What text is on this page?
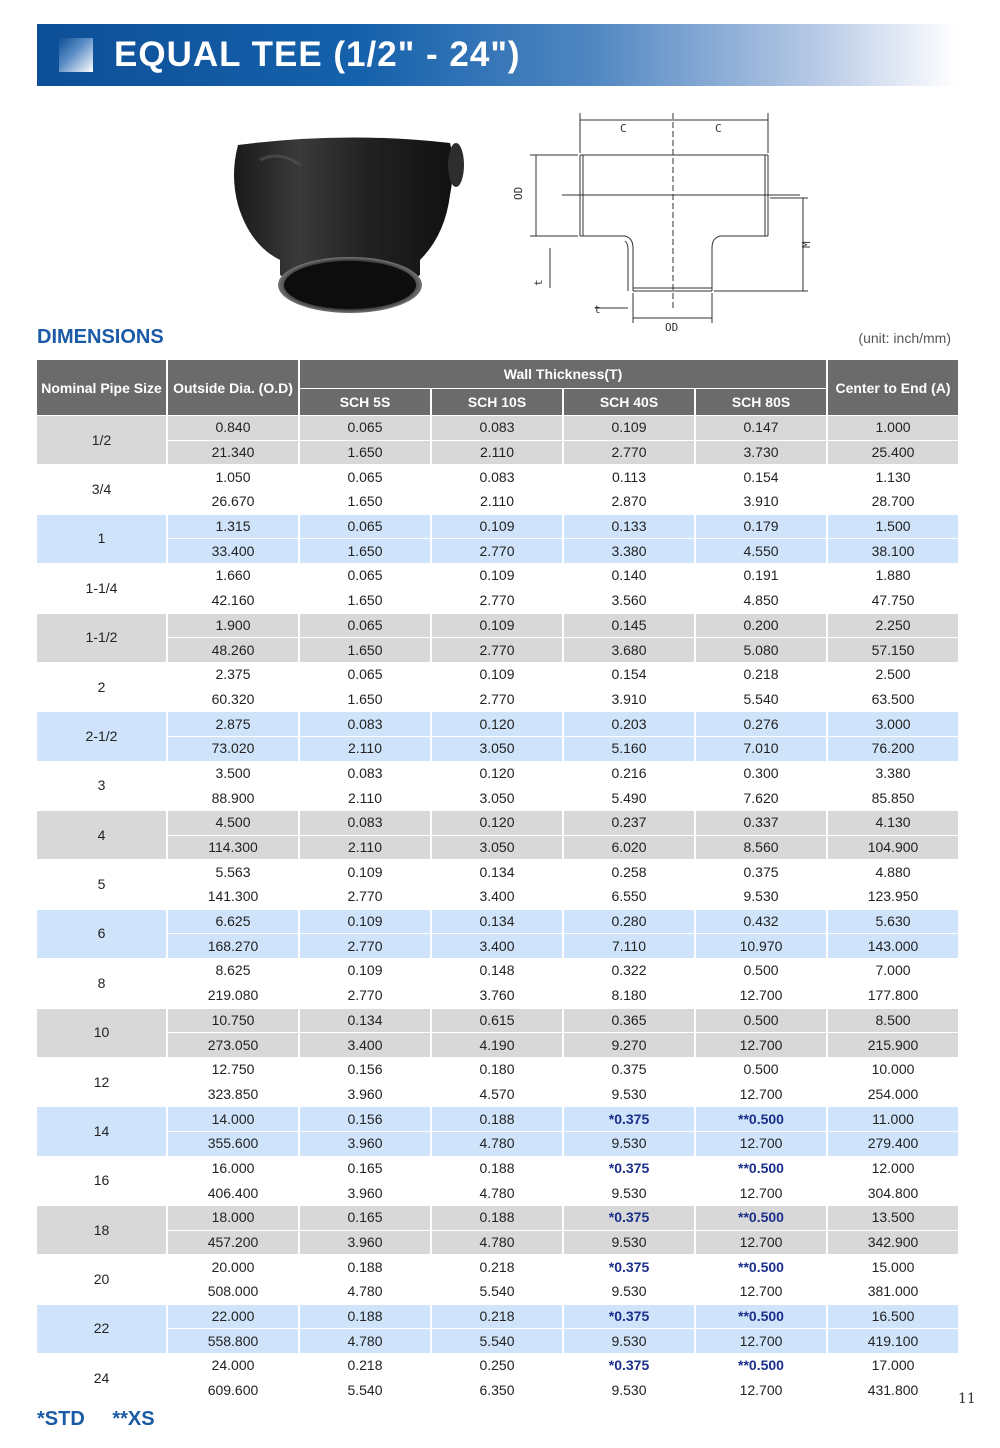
EQUAL TEE (1/2" - 24")
C	C
OD
t
M
t
OD
DIMENSIONS	(unit: inch/mm)
Nominal Pipe Size	Outside Dia. (O.D)	Wall Thickness(T)				Center to End (A)
		SCH 5S	SCH 10S	SCH 40S	SCH 80S	
1/2	0.840	0.065	0.083	0.109	0.147	1.000
	21.340	1.650	2.110	2.770	3.730	25.400
3/4	1.050	0.065	0.083	0.113	0.154	1.130
	26.670	1.650	2.110	2.870	3.910	28.700
1	1.315	0.065	0.109	0.133	0.179	1.500
	33.400	1.650	2.770	3.380	4.550	38.100
1-1/4	1.660	0.065	0.109	0.140	0.191	1.880
	42.160	1.650	2.770	3.560	4.850	47.750
1-1/2	1.900	0.065	0.109	0.145	0.200	2.250
	48.260	1.650	2.770	3.680	5.080	57.150
2	2.375	0.065	0.109	0.154	0.218	2.500
	60.320	1.650	2.770	3.910	5.540	63.500
2-1/2	2.875	0.083	0.120	0.203	0.276	3.000
	73.020	2.110	3.050	5.160	7.010	76.200
3	3.500	0.083	0.120	0.216	0.300	3.380
	88.900	2.110	3.050	5.490	7.620	85.850
4	4.500	0.083	0.120	0.237	0.337	4.130
	114.300	2.110	3.050	6.020	8.560	104.900
5	5.563	0.109	0.134	0.258	0.375	4.880
	141.300	2.770	3.400	6.550	9.530	123.950
6	6.625	0.109	0.134	0.280	0.432	5.630
	168.270	2.770	3.400	7.110	10.970	143.000
8	8.625	0.109	0.148	0.322	0.500	7.000
	219.080	2.770	3.760	8.180	12.700	177.800
10	10.750	0.134	0.615	0.365	0.500	8.500
	273.050	3.400	4.190	9.270	12.700	215.900
12	12.750	0.156	0.180	0.375	0.500	10.000
	323.850	3.960	4.570	9.530	12.700	254.000
14	14.000	0.156	0.188	*0.375	**0.500	11.000
	355.600	3.960	4.780	9.530	12.700	279.400
16	16.000	0.165	0.188	*0.375	**0.500	12.000
	406.400	3.960	4.780	9.530	12.700	304.800
18	18.000	0.165	0.188	*0.375	**0.500	13.500
	457.200	3.960	4.780	9.530	12.700	342.900
20	20.000	0.188	0.218	*0.375	**0.500	15.000
	508.000	4.780	5.540	9.530	12.700	381.000
22	22.000	0.188	0.218	*0.375	**0.500	16.500
	558.800	4.780	5.540	9.530	12.700	419.100
24	24.000	0.218	0.250	*0.375	**0.500	17.000
	609.600	5.540	6.350	9.530	12.700	431.800
*STD **XS
11
